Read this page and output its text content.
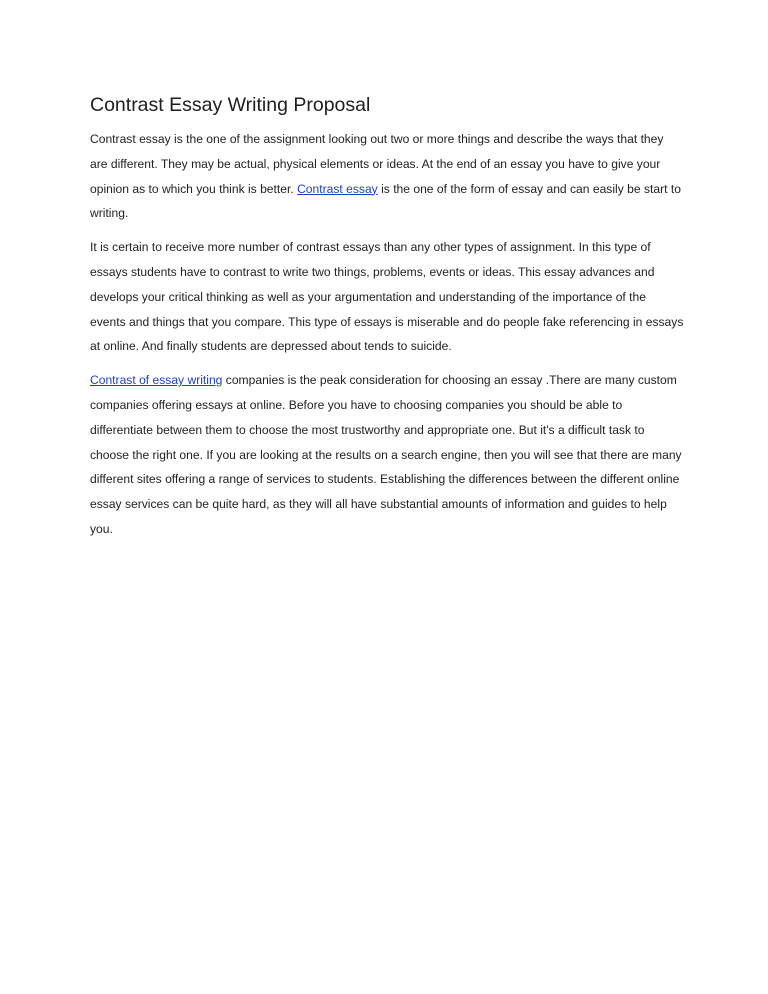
Contrast Essay Writing Proposal

Contrast essay is the one of the assignment looking out two or more things and describe the ways that they are different. They may be actual, physical elements or ideas. At the end of an essay you have to give your opinion as to which you think is better. Contrast essay is the one of the form of essay and can easily be start to writing.

It is certain to receive more number of contrast essays than any other types of assignment. In this type of essays students have to contrast to write two things, problems, events or ideas. This essay advances and develops your critical thinking as well as your argumentation and understanding of the importance of the events and things that you compare. This type of essays is miserable and do people fake referencing in essays at online. And finally students are depressed about tends to suicide.

Contrast of essay writing companies is the peak consideration for choosing an essay .There are many custom companies offering essays at online. Before you have to choosing companies you should be able to differentiate between them to choose the most trustworthy and appropriate one. But it's a difficult task to choose the right one. If you are looking at the results on a search engine, then you will see that there are many different sites offering a range of services to students. Establishing the differences between the different online essay services can be quite hard, as they will all have substantial amounts of information and guides to help you.
